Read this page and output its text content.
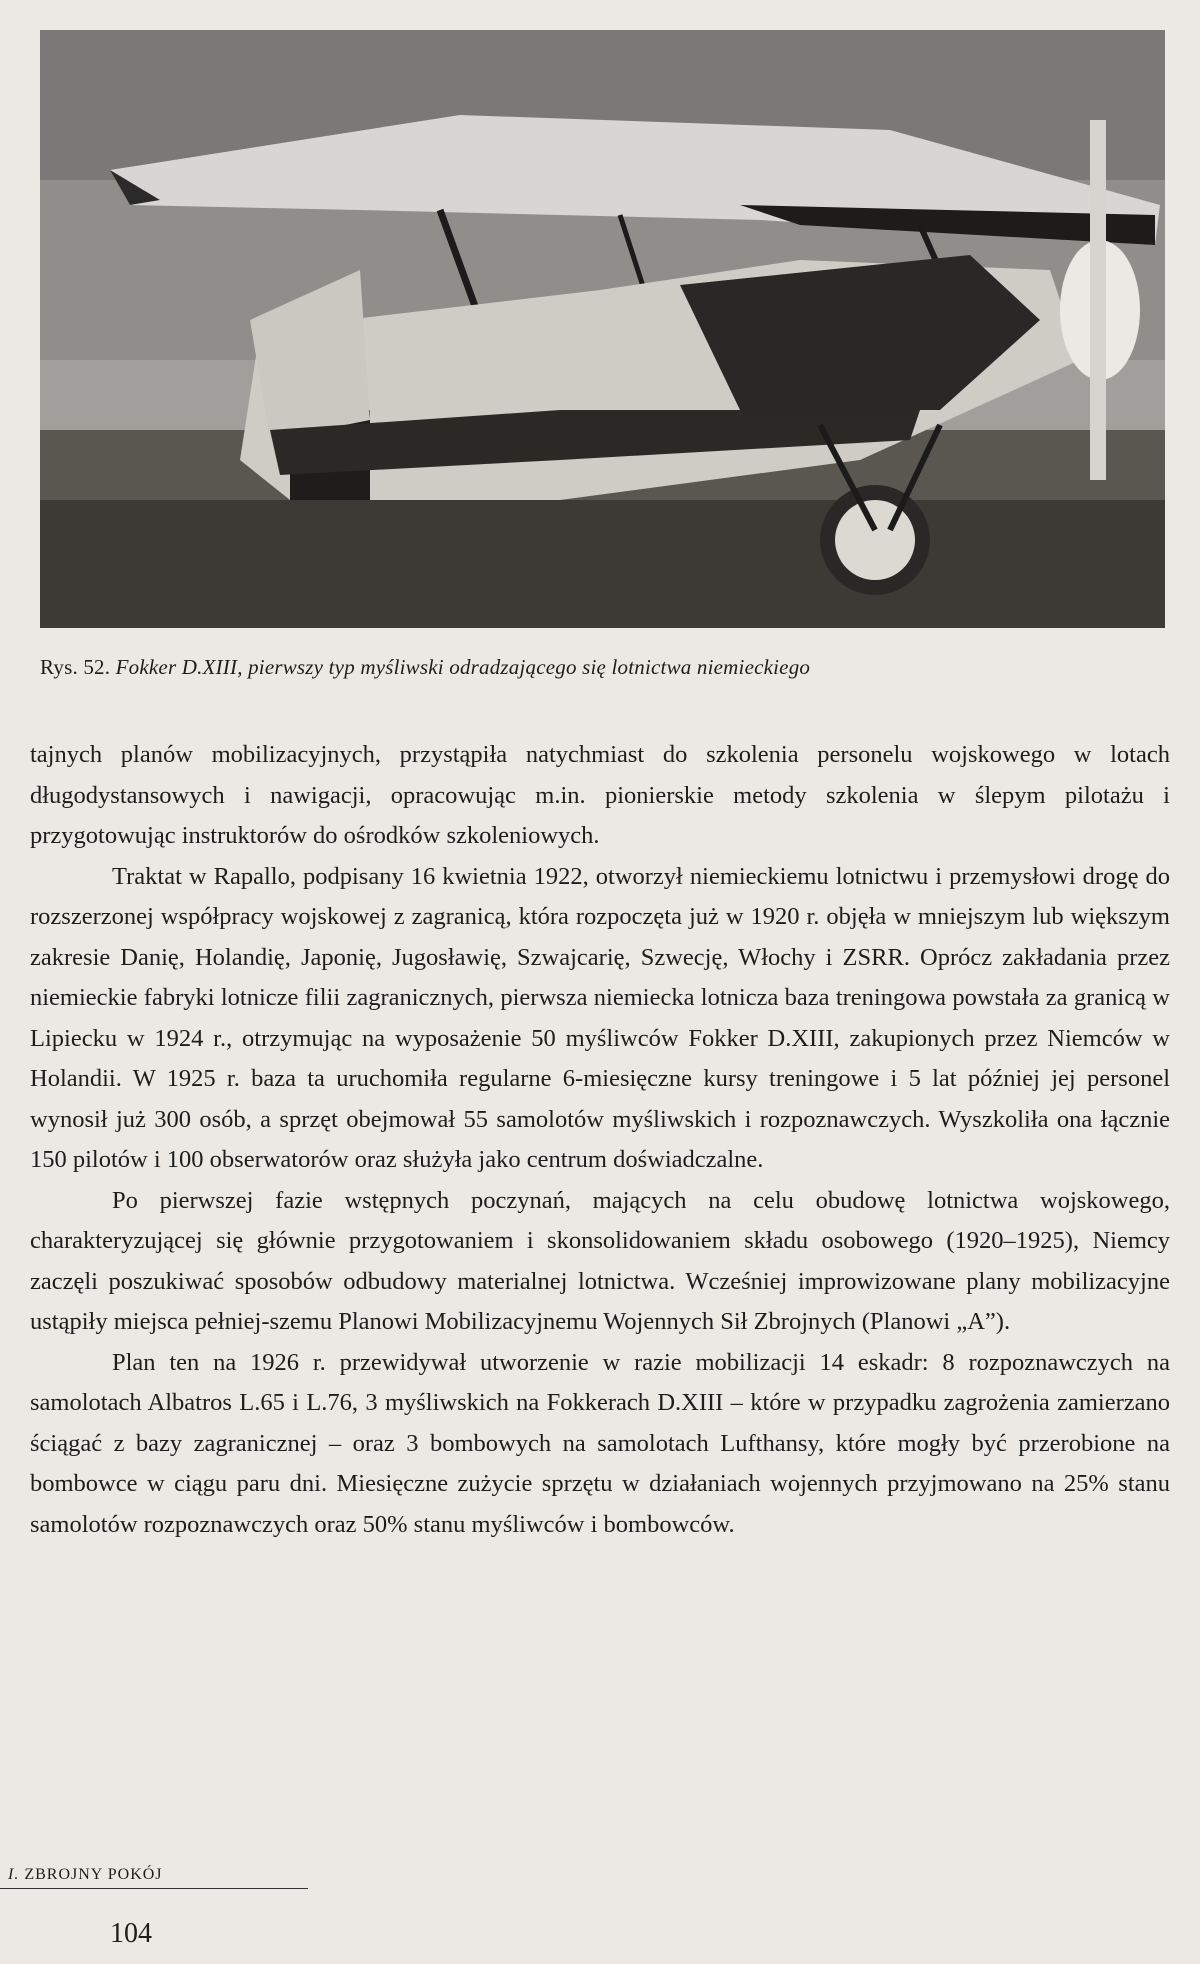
Rys. 52. Fokker D.XIII, pierwszy typ myśliwski odradzającego się lotnictwa niemieckiego

tajnych planów mobilizacyjnych, przystąpiła natychmiast do szkolenia personelu wojskowego w lotach długodystansowych i nawigacji, opracowując m.in. pionierskie metody szkolenia w ślepym pilotażu i przygotowując instruktorów do ośrodków szkoleniowych.

Traktat w Rapallo, podpisany 16 kwietnia 1922, otworzył niemieckiemu lotnictwu i przemysłowi drogę do rozszerzonej współpracy wojskowej z zagranicą, która rozpoczęta już w 1920 r. objęła w mniejszym lub większym zakresie Danię, Holandię, Japonię, Jugosławię, Szwajcarię, Szwecję, Włochy i ZSRR. Oprócz zakładania przez niemieckie fabryki lotnicze filii zagranicznych, pierwsza niemiecka lotnicza baza treningowa powstała za granicą w Lipiecku w 1924 r., otrzymując na wyposażenie 50 myśliwców Fokker D.XIII, zakupionych przez Niemców w Holandii. W 1925 r. baza ta uruchomiła regularne 6-miesięczne kursy treningowe i 5 lat później jej personel wynosił już 300 osób, a sprzęt obejmował 55 samolotów myśliwskich i rozpoznawczych. Wyszkoliła ona łącznie 150 pilotów i 100 obserwatorów oraz służyła jako centrum doświadczalne.

Po pierwszej fazie wstępnych poczynań, mających na celu obudowę lotnictwa wojskowego, charakteryzującej się głównie przygotowaniem i skonsolidowaniem składu osobowego (1920–1925), Niemcy zaczęli poszukiwać sposobów odbudowy materialnej lotnictwa. Wcześniej improwizowane plany mobilizacyjne ustąpiły miejsca pełniej-szemu Planowi Mobilizacyjnemu Wojennych Sił Zbrojnych (Planowi „A”).

Plan ten na 1926 r. przewidywał utworzenie w razie mobilizacji 14 eskadr: 8 rozpoznawczych na samolotach Albatros L.65 i L.76, 3 myśliwskich na Fokkerach D.XIII – które w przypadku zagrożenia zamierzano ściągać z bazy zagranicznej – oraz 3 bombowych na samolotach Lufthansy, które mogły być przerobione na bombowce w ciągu paru dni. Miesięczne zużycie sprzętu w działaniach wojennych przyjmowano na 25% stanu samolotów rozpoznawczych oraz 50% stanu myśliwców i bombowców.

I. ZBROJNY POKÓJ
104
